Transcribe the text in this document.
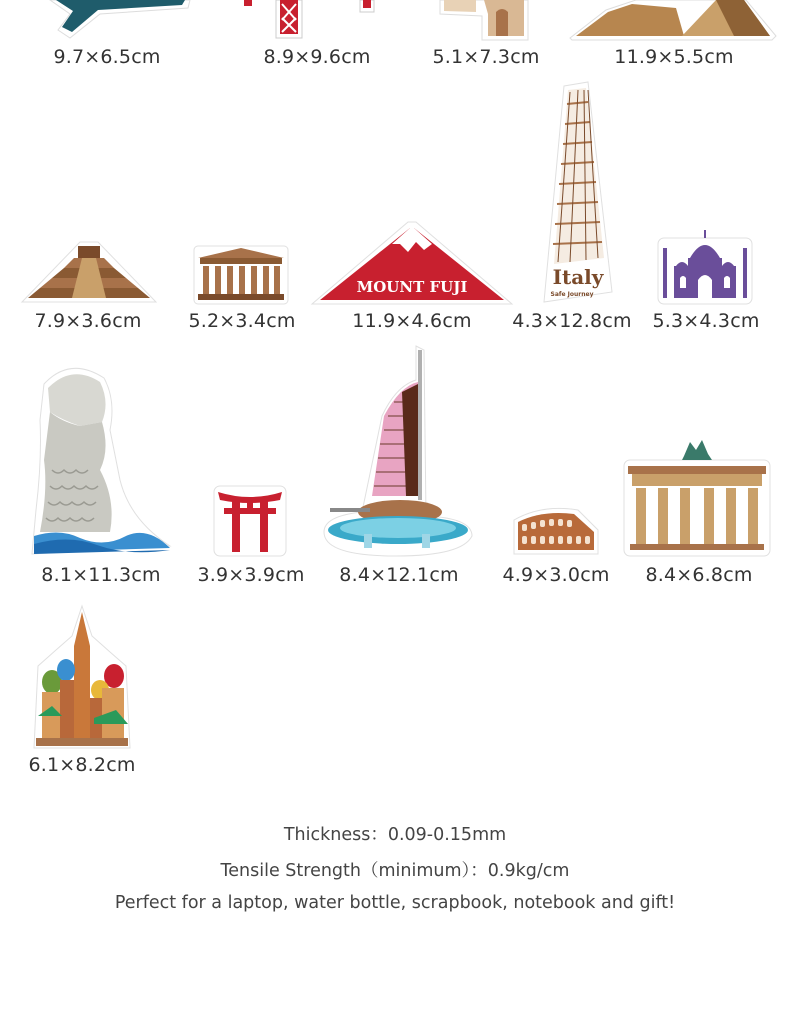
9.7×6.5cm	8.9×9.6cm	5.1×7.3cm	11.9×5.5cm
7.9×3.6cm 5.2×3.4cm
MOUNT FUJI
11.9×4.6cm
Italy
Safe Journey
4.3×12.8cm 5.3×4.3cm
8.1×11.3cm 3.9×3.9cm 8.4×12.1cm 4.9×3.0cm 8.4×6.8cm
6.1×8.2cm
Thickness：0.09-0.15mm
Tensile Strength（minimum）：0.9kg/cm
Perfect for a laptop, water bottle, scrapbook, notebook and gift!
